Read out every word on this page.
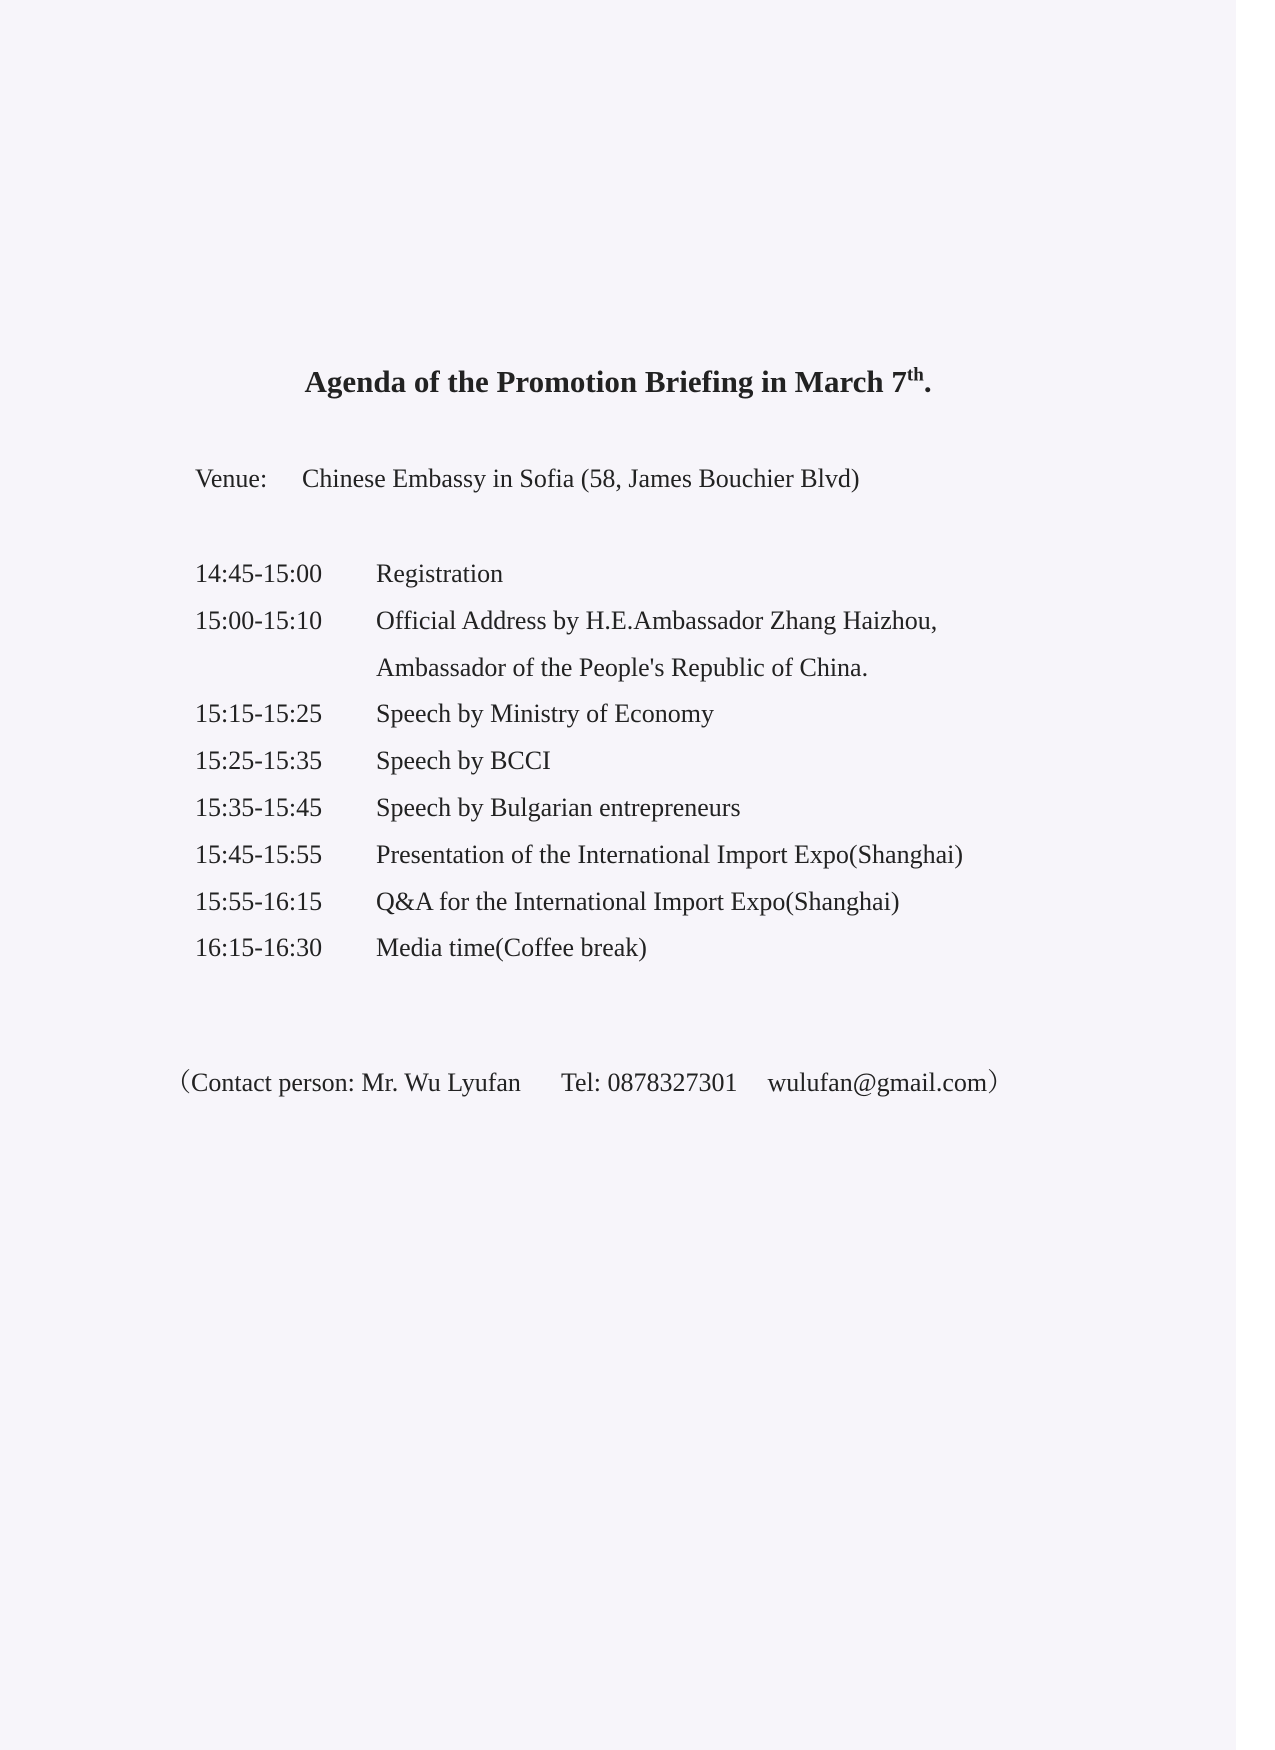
Agenda of the Promotion Briefing in March 7th.
Venue: Chinese Embassy in Sofia (58, James Bouchier Blvd)
14:45-15:00	Registration
15:00-15:10	Official Address by H.E.Ambassador Zhang Haizhou,
Ambassador of the People's Republic of China.
15:15-15:25	Speech by Ministry of Economy
15:25-15:35	Speech by BCCI
15:35-15:45	Speech by Bulgarian entrepreneurs
15:45-15:55	Presentation of the International Import Expo(Shanghai)
15:55-16:15	Q&A for the International Import Expo(Shanghai)
16:15-16:30	Media time(Coffee break)
（Contact person: Mr. Wu Lyufan Tel: 0878327301 wulufan@gmail.com）
